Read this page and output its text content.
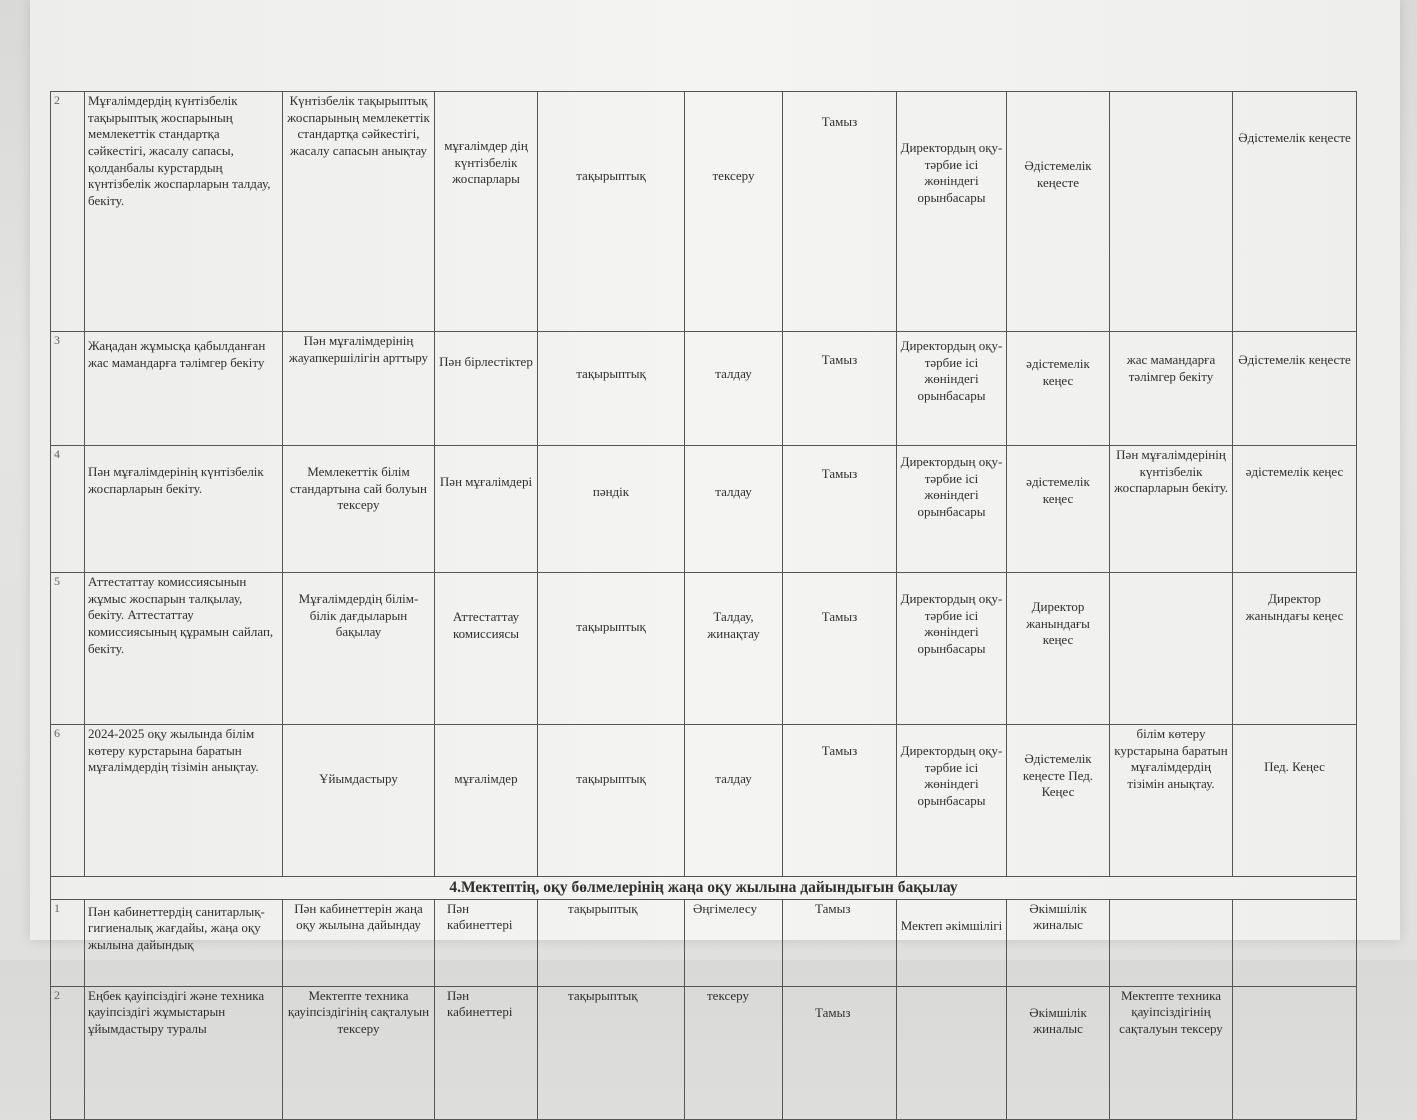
2	Мұғалімдердің күнтізбелік тақырыптық жоспарының мемлекеттік стандартқа сәйкестігі, жасалу сапасы, қолданбалы курстардың күнтізбелік жоспарларын талдау, бекіту.	Күнтізбелік тақырыптық жоспарының мемлекеттік стандартқа сәйкестігі, жасалу сапасын анықтау	мұғалімдер дің күнтізбелік жоспарлары	тақырыптық	тексеру	Тамыз	Директордың оқу-тәрбие ісі жөніндегі орынбасары	Әдістемелік кеңесте		Әдістемелік кеңесте
3	Жаңадан жұмысқа қабылданған жас мамандарға тәлімгер бекіту	Пән мұғалімдерінің жауапкершілігін арттыру	Пән бірлестіктер	тақырыптық	талдау	Тамыз	Директордың оқу-тәрбие ісі жөніндегі орынбасары	әдістемелік кеңес	жас мамандарға тәлімгер бекіту	Әдістемелік кеңесте
4	Пән мұғалімдерінің күнтізбелік жоспарларын бекіту.	Мемлекеттік білім стандартына сай болуын тексеру	Пән мұғалімдері	пәндік	талдау	Тамыз	Директордың оқу-тәрбие ісі жөніндегі орынбасары	әдістемелік кеңес	Пән мұғалімдерінің күнтізбелік жоспарларын бекіту.	әдістемелік кеңес
5	Аттестаттау комиссиясынын жұмыс жоспарын талқылау, бекіту. Аттестаттау комиссиясының құрамын сайлап, бекіту.	Мұғалімдердің білім-білік дағдыларын бақылау	Аттестаттау комиссиясы	тақырыптық	Талдау, жинақтау	Тамыз	Директордың оқу-тәрбие ісі жөніндегі орынбасары	Директор жанындағы кеңес		Директор жанындағы кеңес
6	2024-2025 оқу жылында білім көтеру курстарына баратын мұғалімдердің тізімін анықтау.	Ұйымдастыру	мұғалімдер	тақырыптық	талдау	Тамыз	Директордың оқу-тәрбие ісі жөніндегі орынбасары	Әдістемелік кеңесте Пед. Кеңес	білім көтеру курстарына баратын мұғалімдердің тізімін анықтау.	Пед. Кеңес
4.Мектептің, оқу бөлмелерінің жаңа оқу жылына дайындығын бақылау										
1	Пән кабинеттердің санитарлық-гигиеналық жағдайы, жаңа оқу жылына дайындық	Пән кабинеттерін жаңа оқу жылына дайындау	Пән кабинеттері	тақырыптық	Әңгімелесу	Тамыз	Мектеп әкімшілігі	Әкімшілік жиналыс		
2	Еңбек қауіпсіздігі және техника қауіпсіздігі жұмыстарын ұйымдастыру туралы	Мектепте техника қауіпсіздігінің сақталуын тексеру	Пән кабинеттері	тақырыптық	тексеру	Тамыз		Әкімшілік жиналыс	Мектепте техника қауіпсіздігінің сақталуын тексеру	
